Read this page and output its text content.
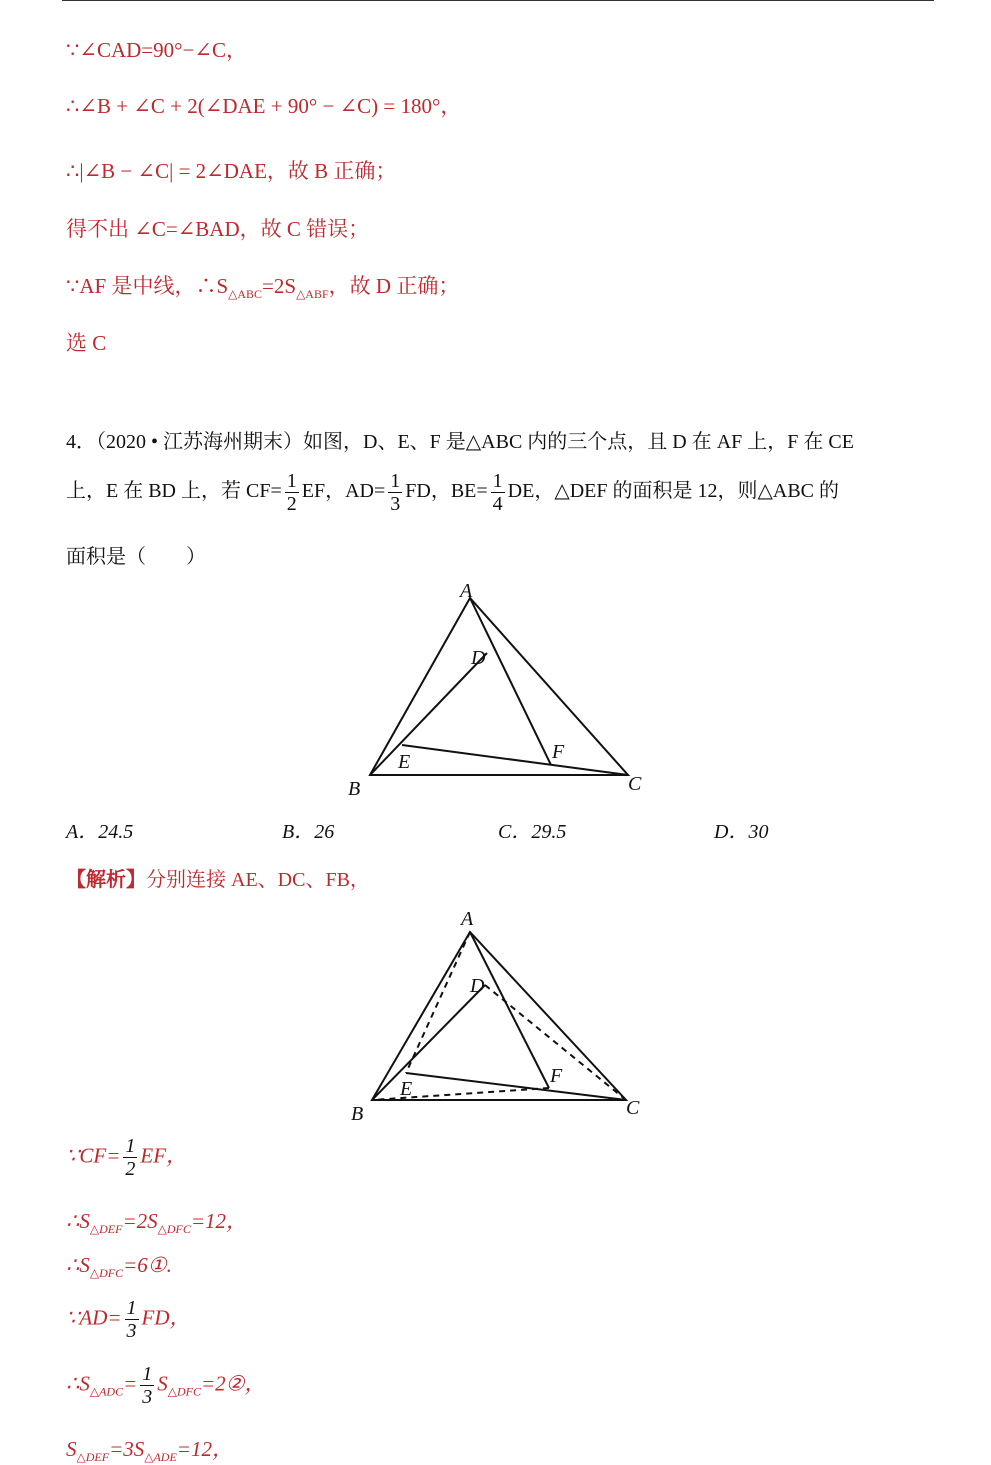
∵∠CAD=90°−∠C，
∴∠B + ∠C + 2(∠DAE + 90° − ∠C) = 180°，
∴|∠B − ∠C| = 2∠DAE，故 B 正确；
得不出 ∠C=∠BAD，故 C 错误；
∵AF 是中线，$\therefore S_{\triangle ABC}=2S_{\triangle ABF}$，故 D 正确；
选 C
4．（2020 • 江苏海州期末）如图，D、E、F 是△ABC 内的三个点，且 D 在 AF 上，F 在 CE
上，E 在 BD 上，若 $CF= \frac{1}{2}$ EF，$AD= \frac{1}{3}$ FD，$BE= \frac{1}{4}$ DE，△DEF 的面积是 12，则△ABC 的
面积是（　　）
A
B	C
D
E	F
A
B	C
D
E
F
A．24.5	B．26	C．29.5	D．30
【解析】分别连接 AE、DC、FB，
∵CF= $\frac{1}{2}$ EF，
$\therefore S_{\triangle DEF}=2S_{\triangle DFC}=12$，
$\therefore S_{\triangle DFC}=6①$.
∵AD= $\frac{1}{3}$ FD，
$\therefore S_{\triangle ADC}= \frac{1}{3}$ $S_{\triangle DFC}=2②$，
$S_{\triangle DEF}=3S_{\triangle ADE}=12$，
